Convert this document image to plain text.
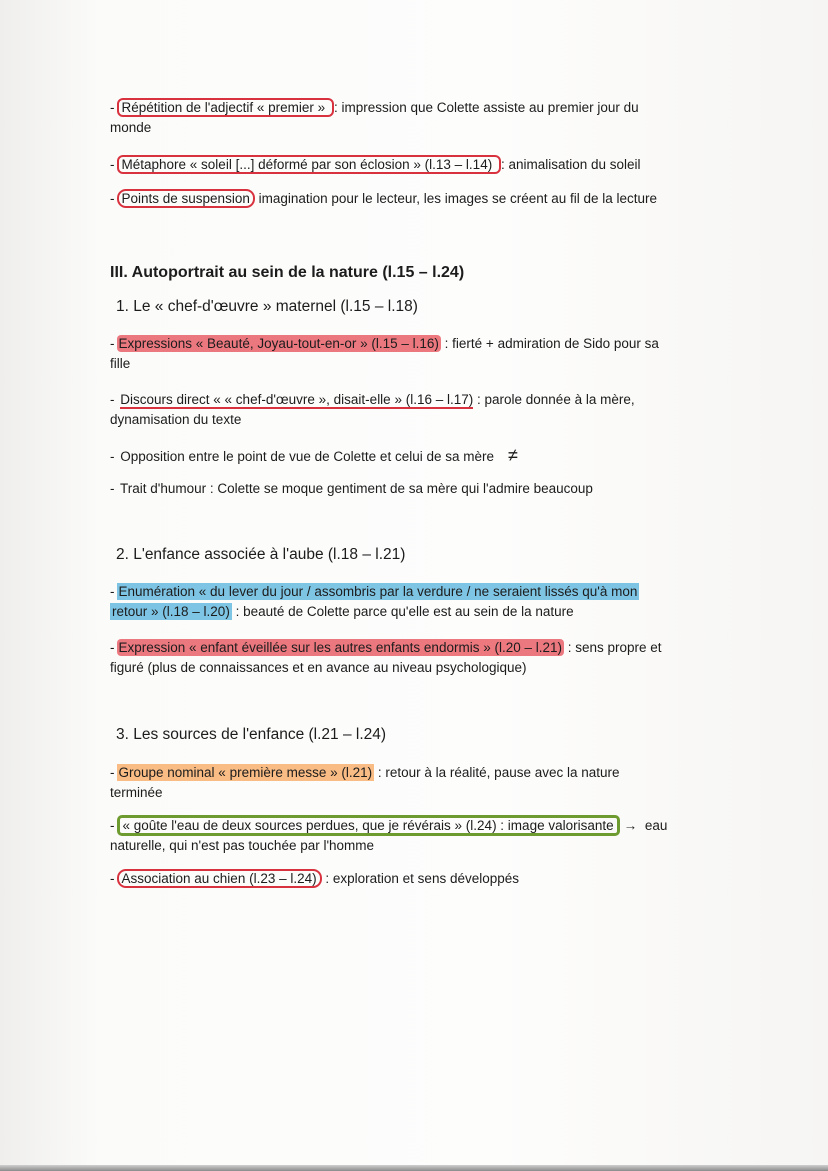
- Répétition de l'adjectif « premier » : impression que Colette assiste au premier jour du
monde
- Métaphore « soleil [...] déformé par son éclosion » (l.13 – l.14) : animalisation du soleil
- Points de suspension imagination pour le lecteur, les images se créent au fil de la lecture
III. Autoportrait au sein de la nature (l.15 – l.24)
1. Le « chef-d'œuvre » maternel (l.15 – l.18)
- Expressions « Beauté, Joyau-tout-en-or » (l.15 – l.16) : fierté + admiration de Sido pour sa
fille
- Discours direct « « chef-d'œuvre », disait-elle » (l.16 – l.17) : parole donnée à la mère,
dynamisation du texte
- Opposition entre le point de vue de Colette et celui de sa mère ≠
- Trait d'humour : Colette se moque gentiment de sa mère qui l'admire beaucoup
2. L'enfance associée à l'aube (l.18 – l.21)
- Enumération « du lever du jour / assombris par la verdure / ne seraient lissés qu'à mon
retour » (l.18 – l.20) : beauté de Colette parce qu'elle est au sein de la nature
- Expression « enfant éveillée sur les autres enfants endormis » (l.20 – l.21) : sens propre et
figuré (plus de connaissances et en avance au niveau psychologique)
3. Les sources de l'enfance (l.21 – l.24)
- Groupe nominal « première messe » (l.21) : retour à la réalité, pause avec la nature
terminée
- « goûte l'eau de deux sources perdues, que je révérais » (l.24) : image valorisante → eau
naturelle, qui n'est pas touchée par l'homme
- Association au chien (l.23 – l.24) : exploration et sens développés
